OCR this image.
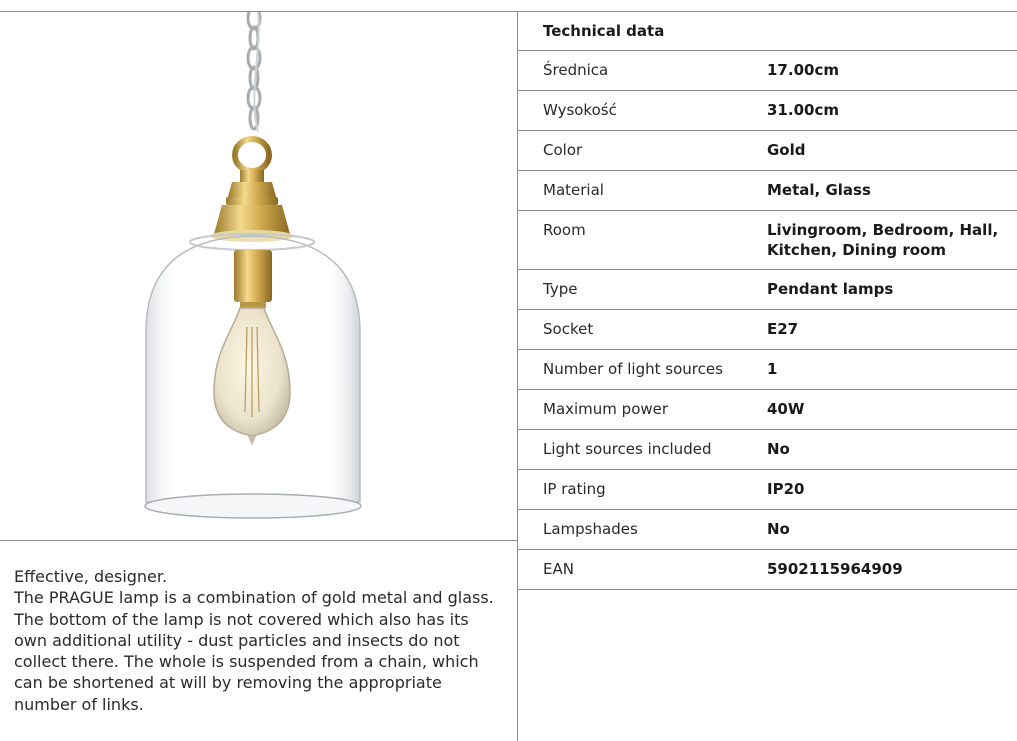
Effective, designer.

The PRAGUE lamp is a combination of gold metal and glass.

The bottom of the lamp is not covered which also has its own additional utility - dust particles and insects do not collect there. The whole is suspended from a chain, which can be shortened at will by removing the appropriate number of links.

Technical data
Średnica	17.00cm
Wysokość	31.00cm
Color	Gold
Material	Metal, Glass
Room	Livingroom, Bedroom, Hall, Kitchen, Dining room
Type	Pendant lamps
Socket	E27
Number of light sources	1
Maximum power	40W
Light sources included	No
IP rating	IP20
Lampshades	No
EAN	5902115964909
